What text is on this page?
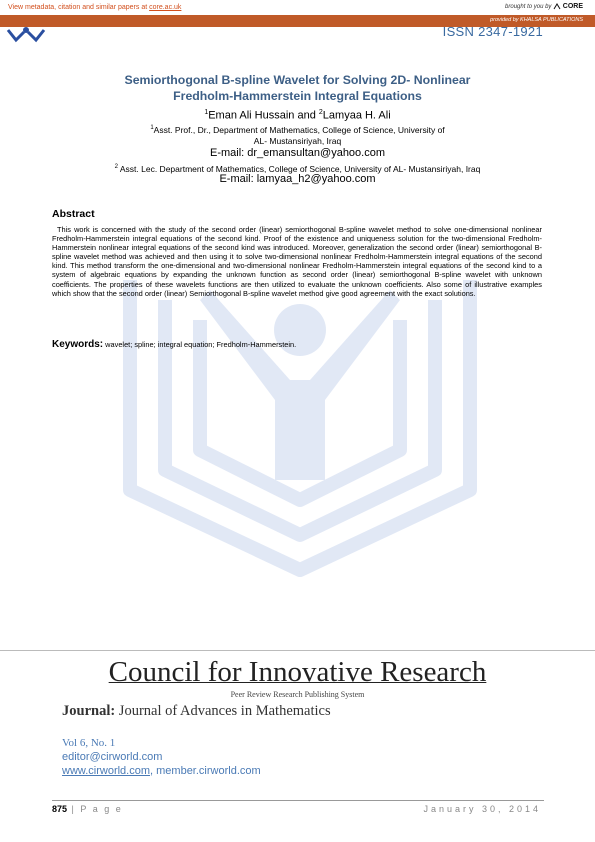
View metadata, citation and similar papers at core.ac.uk	brought to you by CORE
provided by KHALSA PUBLICATIONS
ISSN 2347-1921
Semiorthogonal B-spline Wavelet for Solving 2D- Nonlinear
Fredholm-Hammerstein Integral Equations
$^1$Eman Ali Hussain and $^2$Lamyaa H. Ali
$^1$Asst. Prof., Dr., Department of Mathematics, College of Science, University of
AL- Mustansiriyah, Iraq
E-mail: dr_emansultan@yahoo.com
$^2$ Asst. Lec. Department of Mathematics, College of Science, University of AL- Mustansiriyah, Iraq
E-mail: lamyaa_h2@yahoo.com
Abstract
This work is concerned with the study of the second order (linear) semiorthogonal B-spline wavelet method to solve one-dimensional nonlinear Fredholm-Hammerstein integral equations of the second kind. Proof of the existence and uniqueness solution for the two-dimensional Fredholm-Hammerstein nonlinear integral equations of the second kind was introduced. Moreover, generalization the second order (linear) semiorthogonal B-spline wavelet method was achieved and then using it to solve two-dimensional nonlinear Fredholm-Hammerstein integral equations of the second kind. This method transform the one-dimensional and two-dimensional nonlinear Fredholm-Hammerstein integral equations of the second kind to a system of algebraic equations by expanding the unknown function as second order (linear) semiorthogonal B-spline wavelet with unknown coefficients. The properties of these wavelets functions are then utilized to evaluate the unknown coefficients. Also some of illustrative examples which show that the second order (linear) Semiorthogonal B-spline wavelet method give good agreement with the exact solutions.
Keywords: wavelet; spline; integral equation; Fredholm-Hammerstein.
Council for Innovative Research
Peer Review Research Publishing System
Journal: Journal of Advances in Mathematics
Vol 6, No. 1
editor@cirworld.com
www.cirworld.com, member.cirworld.com
875 | P a g e	January 30, 2014
